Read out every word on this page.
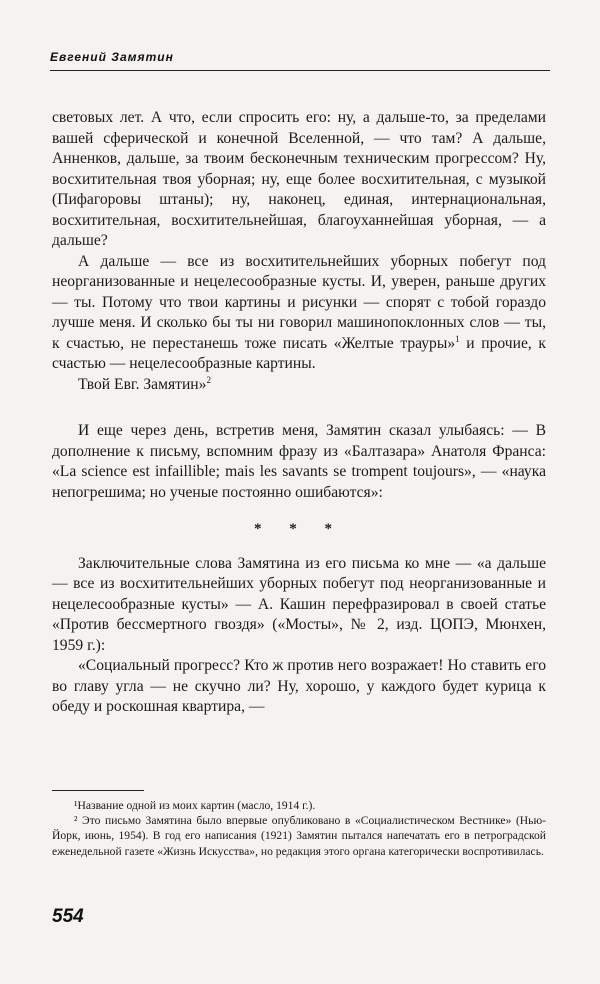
Евгений Замятин

световых лет. А что, если спросить его: ну, а дальше-то, за пределами вашей сферической и конечной Вселенной, — что там? А дальше, Анненков, дальше, за твоим бесконечным техническим прогрессом? Ну, восхитительная твоя уборная; ну, еще более восхитительная, с музыкой (Пифагоровы штаны); ну, наконец, единая, интернациональная, восхитительная, восхитительнейшая, благоуханнейшая уборная, — а дальше?

А дальше — все из восхитительнейших уборных побегут под неорганизованные и нецелесообразные кусты. И, уверен, раньше других — ты. Потому что твои картины и рисунки — спорят с тобой гораздо лучше меня. И сколько бы ты ни говорил машинопоклонных слов — ты, к счастью, не перестанешь тоже писать «Желтые трауры»$^1$ и прочие, к счастью — нецелесообразные картины.

Твой Евг. Замятин»$^2$

И еще через день, встретив меня, Замятин сказал улыбаясь: — В дополнение к письму, вспомним фразу из «Балтазара» Анатоля Франса: «La science est infaillible; mais les savants se trompent toujours», — «наука непогрешима; но ученые постоянно ошибаются»:

* * *

Заключительные слова Замятина из его письма ко мне — «а дальше — все из восхитительнейших уборных побегут под неорганизованные и нецелесообразные кусты» — А. Кашин перефразировал в своей статье «Против бессмертного гвоздя» («Мосты», № 2, изд. ЦОПЭ, Мюнхен, 1959 г.):

«Социальный прогресс? Кто ж против него возражает! Но ставить его во главу угла — не скучно ли? Ну, хорошо, у каждого будет курица к обеду и роскошная квартира, —

¹Название одной из моих картин (масло, 1914 г.).

² Это письмо Замятина было впервые опубликовано в «Социалистическом Вестнике» (Нью-Йорк, июнь, 1954). В год его написания (1921) Замятин пытался напечатать его в петроградской еженедельной газете «Жизнь Искусства», но редакция этого органа категорически воспротивилась.

554
